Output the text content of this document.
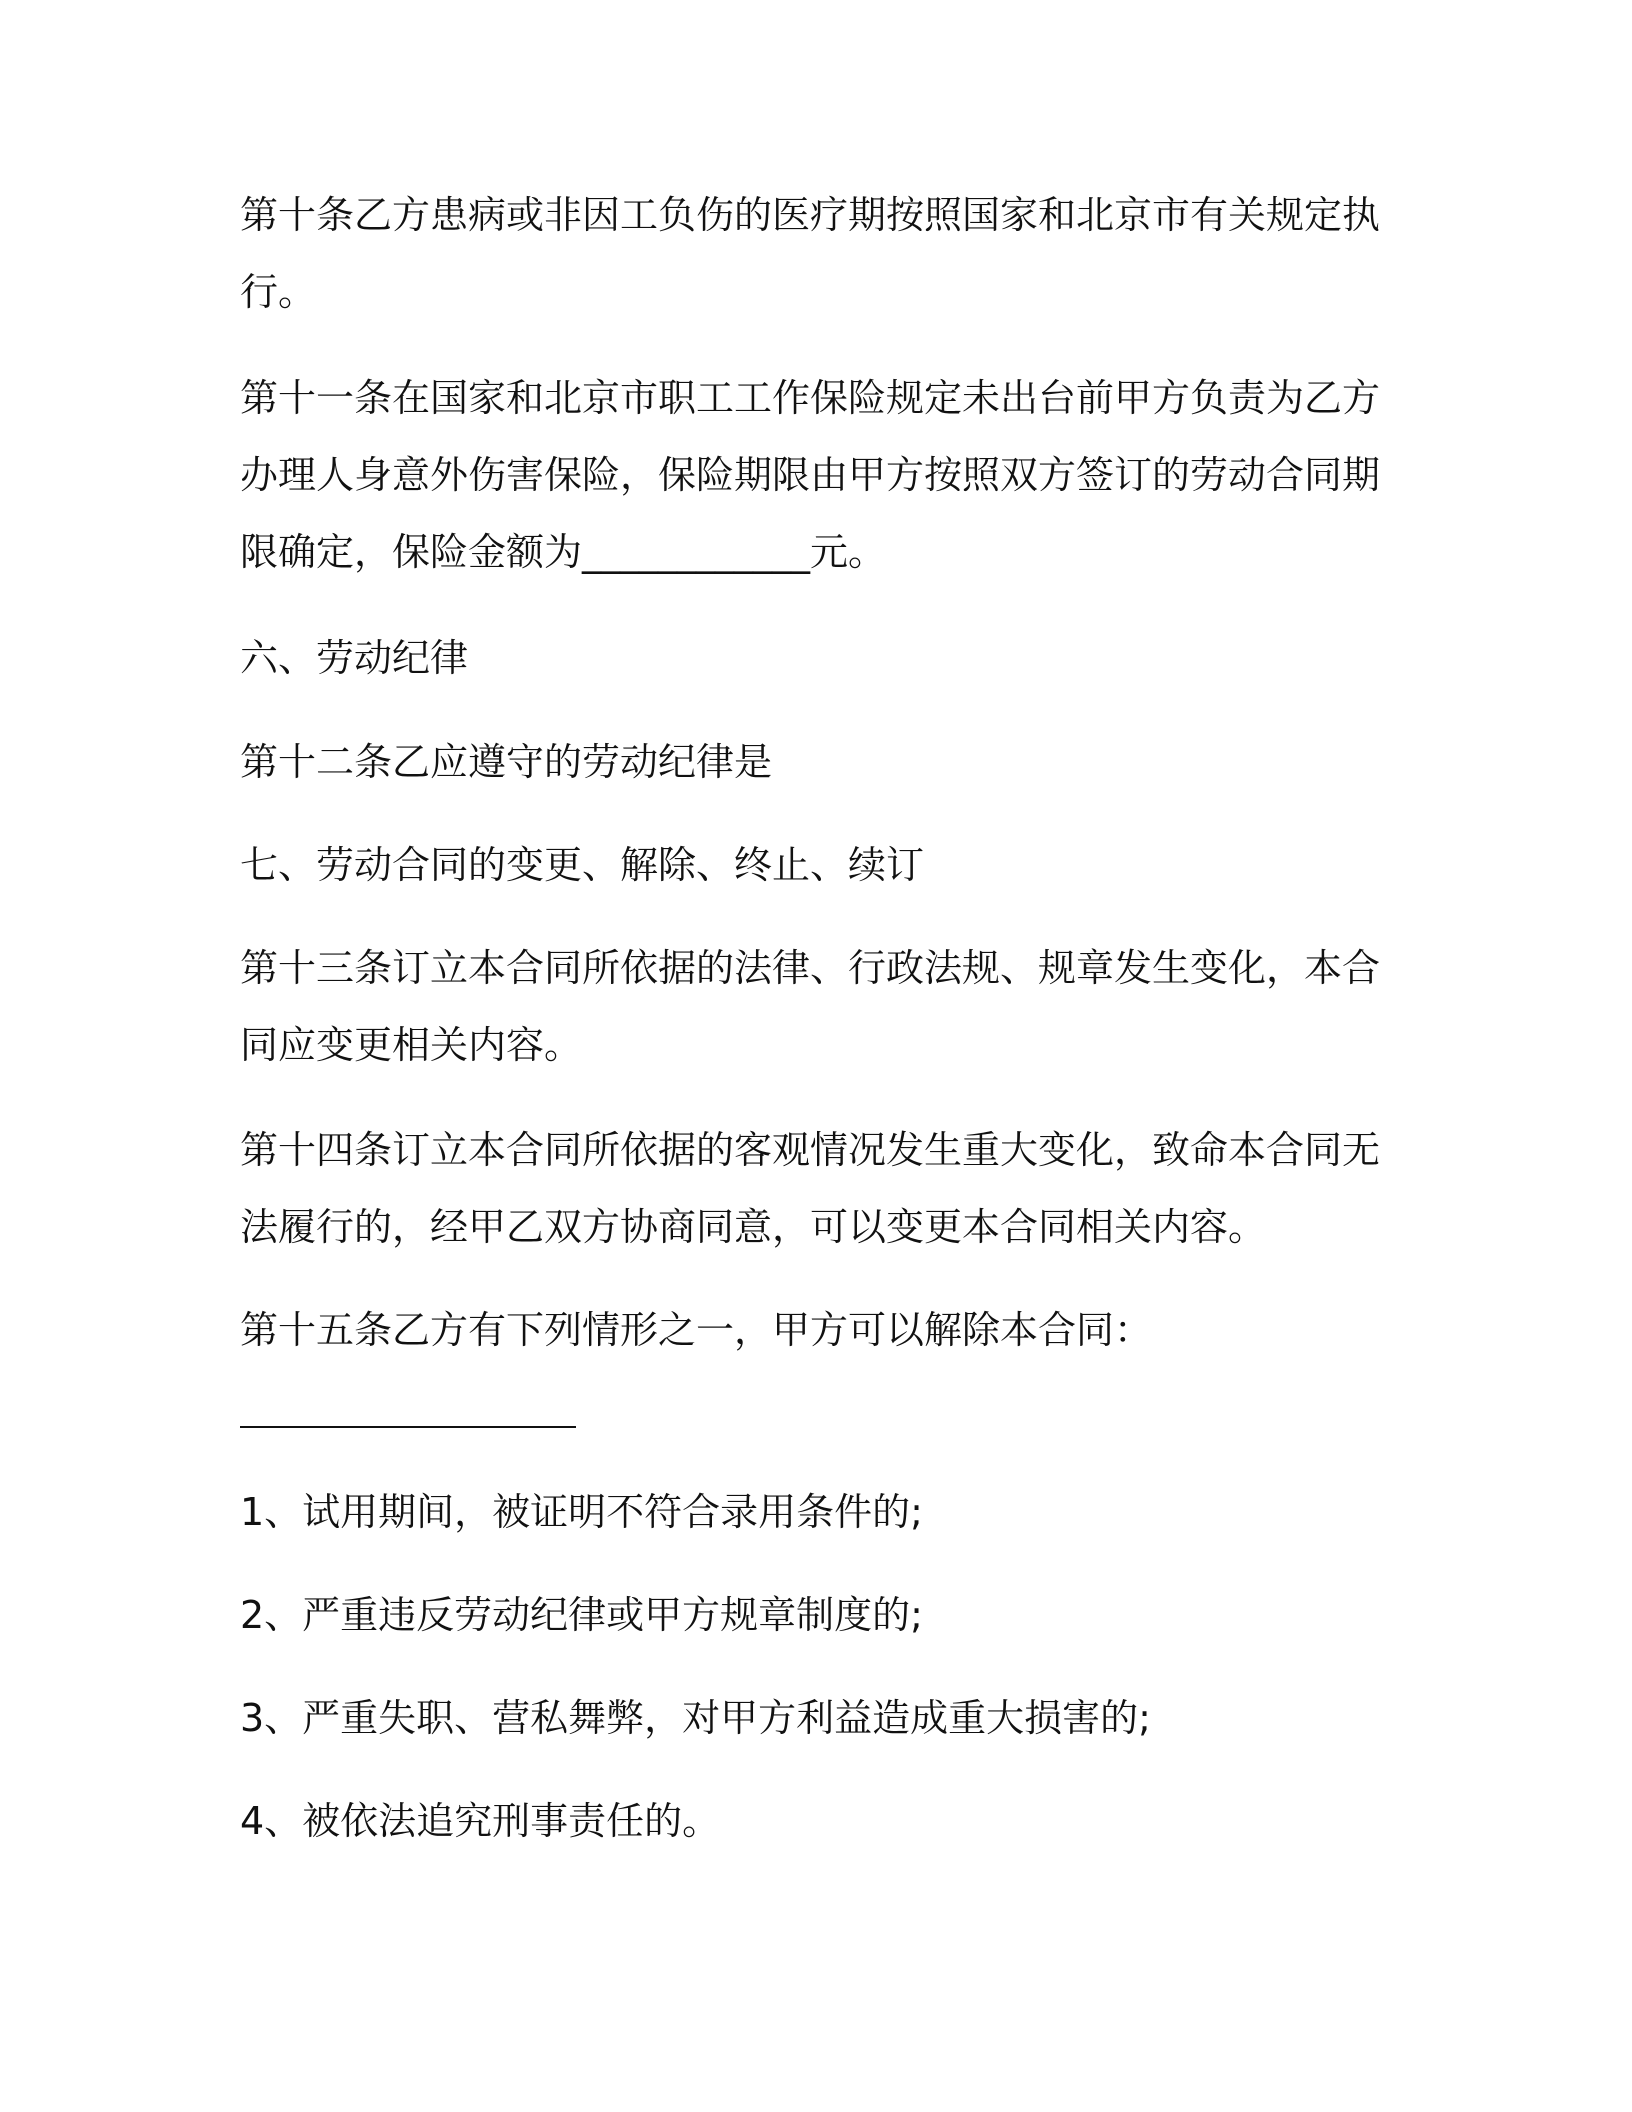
第十条乙方患病或非因工负伤的医疗期按照国家和北京市有关规定执行。

第十一条在国家和北京市职工工作保险规定未出台前甲方负责为乙方办理人身意外伤害保险，保险期限由甲方按照双方签订的劳动合同期限确定，保险金额为____________元。

六、劳动纪律

第十二条乙应遵守的劳动纪律是

七、劳动合同的变更、解除、终止、续订

第十三条订立本合同所依据的法律、行政法规、规章发生变化，本合同应变更相关内容。

第十四条订立本合同所依据的客观情况发生重大变化，致命本合同无法履行的，经甲乙双方协商同意，可以变更本合同相关内容。

第十五条乙方有下列情形之一，甲方可以解除本合同：

1、试用期间，被证明不符合录用条件的;

2、严重违反劳动纪律或甲方规章制度的;

3、严重失职、营私舞弊，对甲方利益造成重大损害的;

4、被依法追究刑事责任的。
